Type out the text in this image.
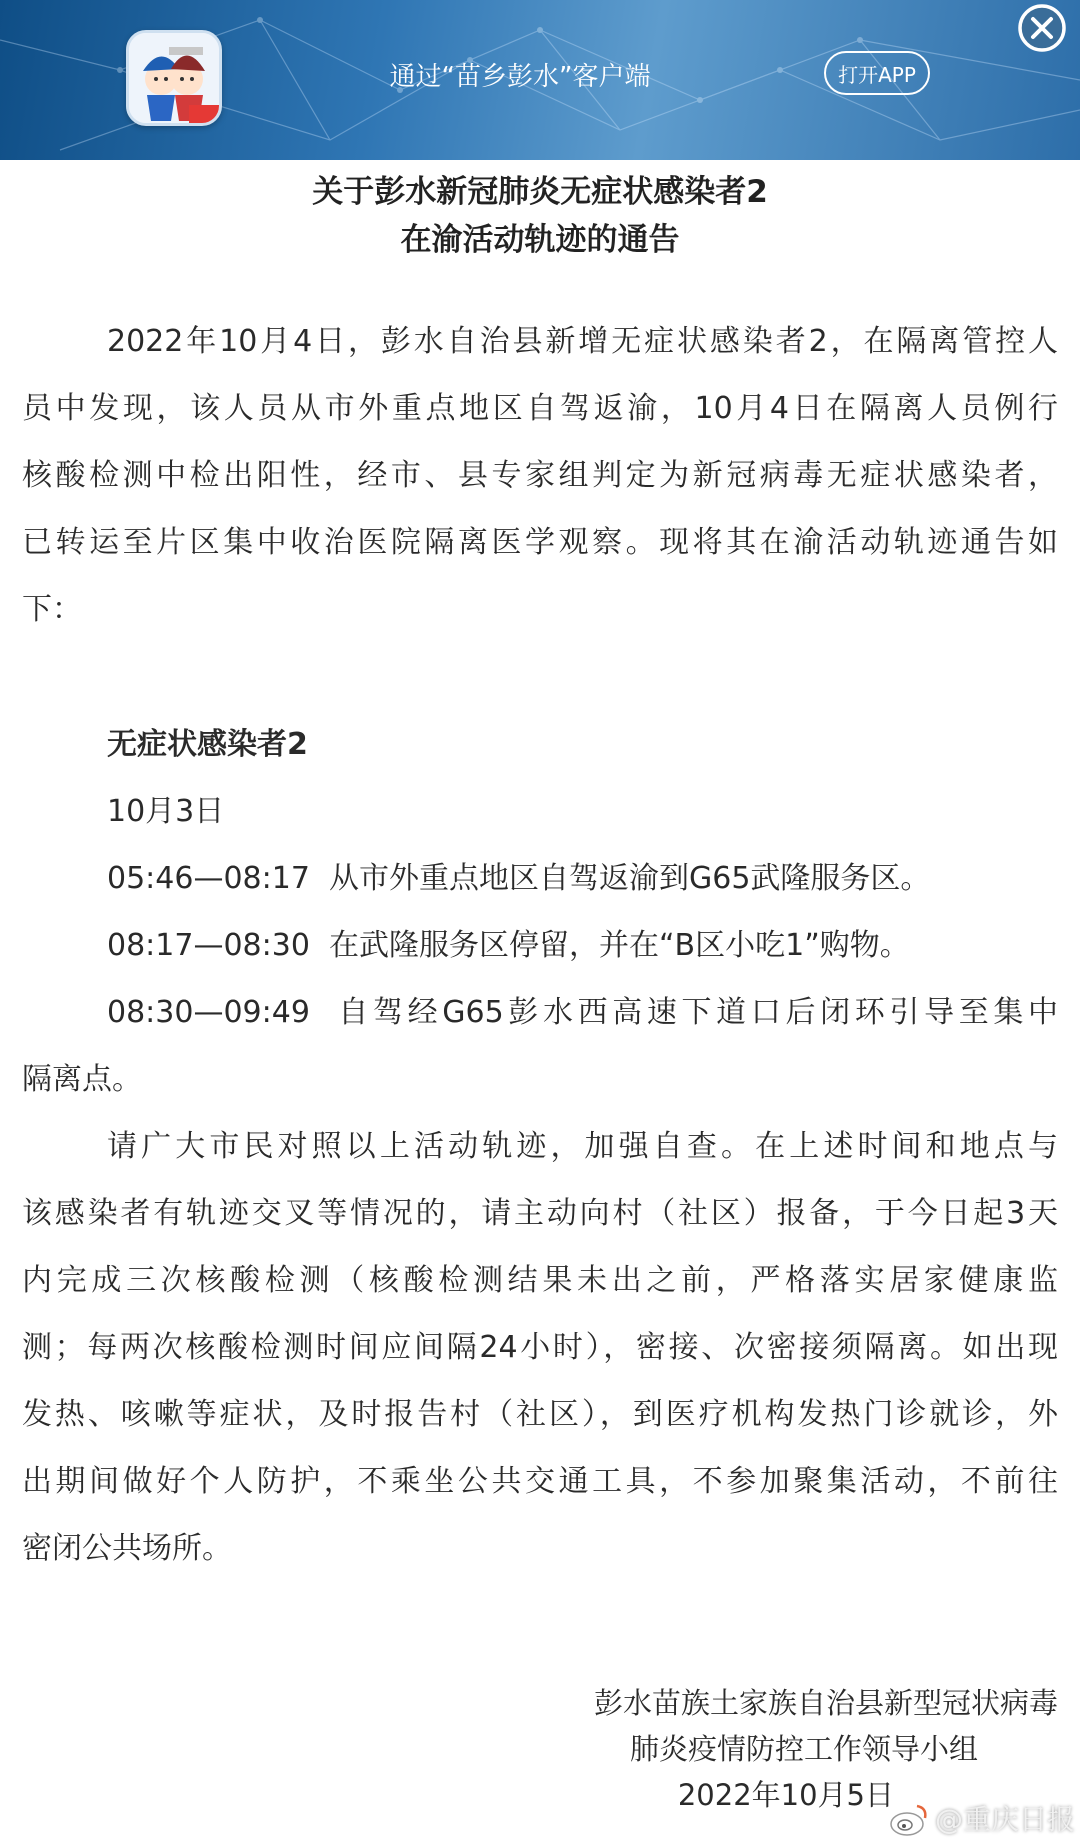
通过“苗乡彭水”客户端	打开APP
关于彭水新冠肺炎无症状感染者2
在渝活动轨迹的通告
2022年10月4日，彭水自治县新增无症状感染者2，在隔离管控人
员中发现，该人员从市外重点地区自驾返渝，10月4日在隔离人员例行
核酸检测中检出阳性，经市、县专家组判定为新冠病毒无症状感染者，
已转运至片区集中收治医院隔离医学观察。现将其在渝活动轨迹通告如
下：
无症状感染者2
10月3日
05:46—08:17 从市外重点地区自驾返渝到G65武隆服务区。
08:17—08:30 在武隆服务区停留，并在“B区小吃1”购物。
08:30—09:49 自驾经G65彭水西高速下道口后闭环引导至集中
隔离点。
请广大市民对照以上活动轨迹，加强自查。在上述时间和地点与
该感染者有轨迹交叉等情况的，请主动向村（社区）报备，于今日起3天
内完成三次核酸检测（核酸检测结果未出之前，严格落实居家健康监
测；每两次核酸检测时间应间隔24小时），密接、次密接须隔离。如出现
发热、咳嗽等症状，及时报告村（社区），到医疗机构发热门诊就诊，外
出期间做好个人防护，不乘坐公共交通工具，不参加聚集活动，不前往
密闭公共场所。
彭水苗族土家族自治县新型冠状病毒
肺炎疫情防控工作领导小组
2022年10月5日
@重庆日报
